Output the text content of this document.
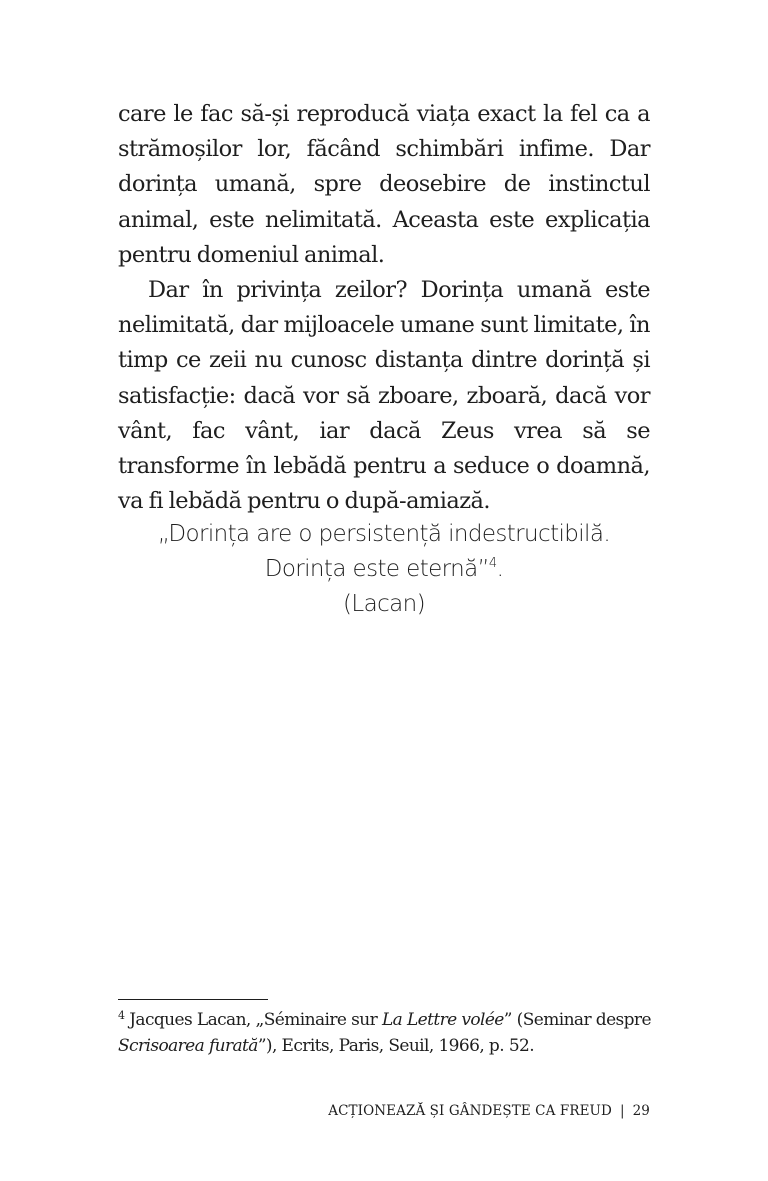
care le fac să-și reproducă viața exact la fel ca a strămoșilor lor, făcând schimbări infime. Dar dorința umană, spre deosebire de instinctul animal, este nelimitată. Aceasta este explicația pentru domeniul animal.

Dar în privința zeilor? Dorința umană este nelimitată, dar mijloacele umane sunt limitate, în timp ce zeii nu cunosc distanța dintre dorință și satisfacție: dacă vor să zboare, zboară, dacă vor vânt, fac vânt, iar dacă Zeus vrea să se transforme în lebădă pentru a seduce o doamnă, va fi lebădă pentru o după-amiază.

„Dorința are o persistență indestructibilă.
Dorința este eternă”$^4$.
(Lacan)
$^4$ Jacques Lacan, „Séminaire sur La Lettre volée” (Seminar despre
Scrisoarea furată”), Ecrits, Paris, Seuil, 1966, p. 52.
ACȚIONEAZĂ ȘI GÂNDEȘTE CA FREUD | 29
